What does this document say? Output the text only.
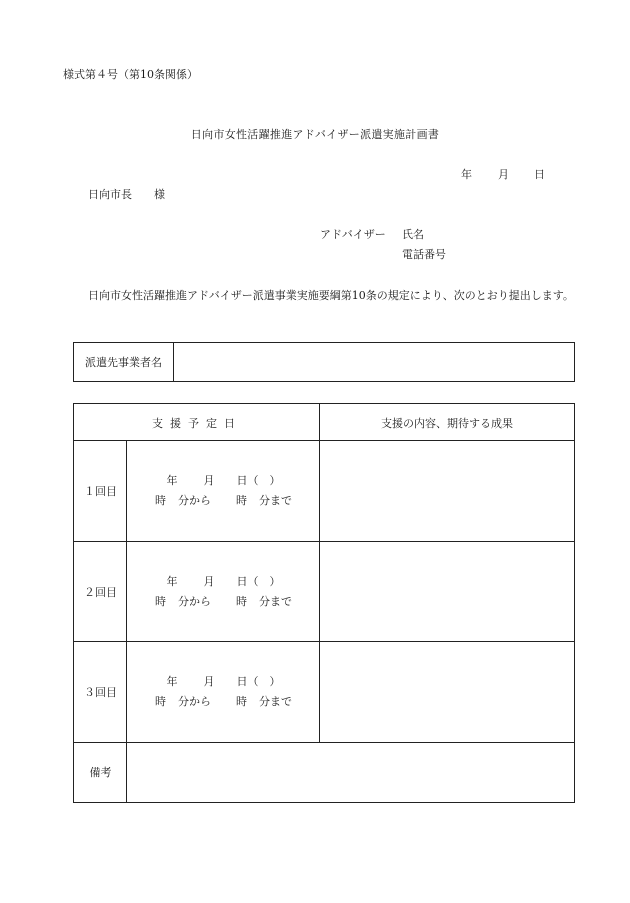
様式第４号（第10条関係）
日向市女性活躍推進アドバイザー派遣実施計画書
年 月 日
日向市長　　様
アドバイザー 氏名
電話番号
日向市女性活躍推進アドバイザー派遣事業実施要綱第10条の規定により、次のとおり提出します。
派遣先事業者名
支援予定日	支援の内容、期待する成果
１回目
年 月 日（　）
時 分から 時 分まで
２回目
年 月 日（　）
時 分から 時 分まで
３回目
年 月 日（　）
時 分から 時 分まで
備考
